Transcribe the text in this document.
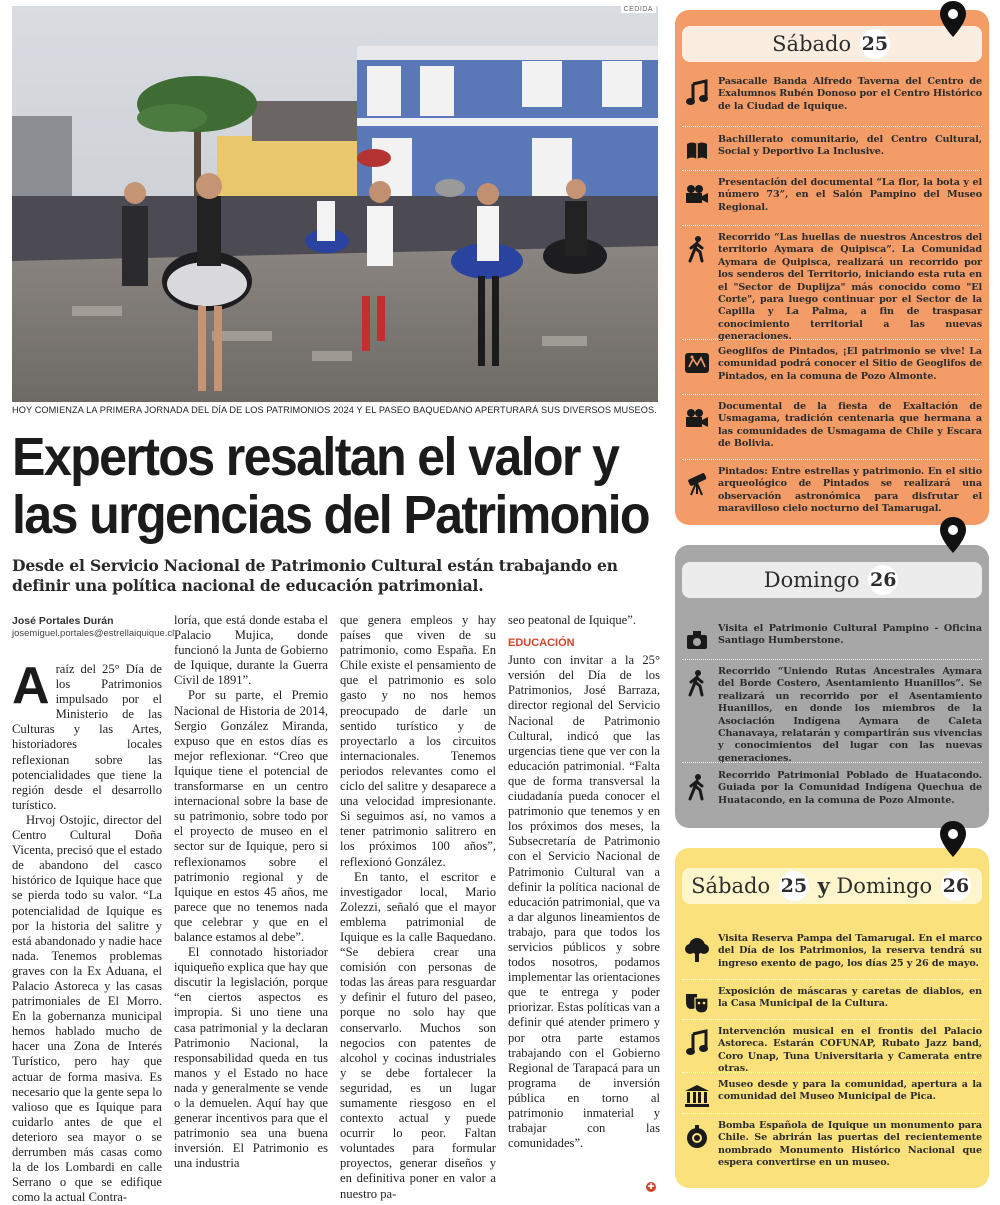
CEDIDA
HOY COMIENZA LA PRIMERA JORNADA DEL DÍA DE LOS PATRIMONIOS 2024 Y EL PASEO BAQUEDANO APERTURARÁ SUS DIVERSOS MUSEOS.
Expertos resaltan el valor y
las urgencias del Patrimonio
Desde el Servicio Nacional de Patrimonio Cultural están trabajando en definir una política nacional de educación patrimonial.
José Portales Durán
josemiguel.portales@estrellaiquique.cl

Araíz del 25° Día de los Patrimonios impulsado por el Ministerio de las Culturas y las Artes, historiadores locales reflexionan sobre las potencialidades que tiene la región desde el desarrollo turístico.

Hrvoj Ostojic, director del Centro Cultural Doña Vicenta, precisó que el estado de abandono del casco histórico de Iquique hace que se pierda todo su valor. “La potencialidad de Iquique es por la historia del salitre y está abandonado y nadie hace nada. Tenemos problemas graves con la Ex Aduana, el Palacio Astoreca y las casas patrimoniales de El Morro. En la gobernanza municipal hemos hablado mucho de hacer una Zona de Interés Turístico, pero hay que actuar de forma masiva. Es necesario que la gente sepa lo valioso que es Iquique para cuidarlo antes de que el deterioro sea mayor o se derrumben más casas como la de los Lombardi en calle Serrano o que se edifique como la actual Contra-

loría, que está donde estaba el Palacio Mujica, donde funcionó la Junta de Gobierno de Iquique, durante la Guerra Civil de 1891”.

Por su parte, el Premio Nacional de Historia de 2014, Sergio González Miranda, expuso que en estos días es mejor reflexionar. “Creo que Iquique tiene el potencial de transformarse en un centro internacional sobre la base de su patrimonio, sobre todo por el proyecto de museo en el sector sur de Iquique, pero si reflexionamos sobre el patrimonio regional y de Iquique en estos 45 años, me parece que no tenemos nada que celebrar y que en el balance estamos al debe”.

El connotado historiador iquiqueño explica que hay que discutir la legislación, porque “en ciertos aspectos es impropia. Si uno tiene una casa patrimonial y la declaran Patrimonio Nacional, la responsabilidad queda en tus manos y el Estado no hace nada y generalmente se vende o la demuelen. Aquí hay que generar incentivos para que el patrimonio sea una buena inversión. El Patrimonio es una industria

que genera empleos y hay países que viven de su patrimonio, como España. En Chile existe el pensamiento de que el patrimonio es solo gasto y no nos hemos preocupado de darle un sentido turístico y de proyectarlo a los circuitos internacionales. Tenemos periodos relevantes como el ciclo del salitre y desaparece a una velocidad impresionante. Si seguimos así, no vamos a tener patrimonio salitrero en los próximos 100 años”, reflexionó González.

En tanto, el escritor e investigador local, Mario Zolezzi, señaló que el mayor emblema patrimonial de Iquique es la calle Baquedano. “Se debiera crear una comisión con personas de todas las áreas para resguardar y definir el futuro del paseo, porque no solo hay que conservarlo. Muchos son negocios con patentes de alcohol y cocinas industriales y se debe fortalecer la seguridad, es un lugar sumamente riesgoso en el contexto actual y puede ocurrir lo peor. Faltan voluntades para formular proyectos, generar diseños y en definitiva poner en valor a nuestro pa-

seo peatonal de Iquique”.

EDUCACIÓN

Junto con invitar a la 25° versión del Día de los Patrimonios, José Barraza, director regional del Servicio Nacional de Patrimonio Cultural, indicó que las urgencias tiene que ver con la educación patrimonial. “Falta que de forma transversal la ciudadanía pueda conocer el patrimonio que tenemos y en los próximos dos meses, la Subsecretaría de Patrimonio con el Servicio Nacional de Patrimonio Cultural van a definir la política nacional de educación patrimonial, que va a dar algunos lineamientos de trabajo, para que todos los servicios públicos y sobre todos nosotros, podamos implementar las orientaciones que te entrega y poder priorizar. Estas políticas van a definir qué atender primero y por otra parte estamos trabajando con el Gobierno Regional de Tarapacá para un programa de inversión pública en torno al patrimonio inmaterial y trabajar con las comunidades”.

✚
Sábado 25
Pasacalle Banda Alfredo Taverna del Centro de Exalumnos Rubén Donoso por el Centro Histórico de la Ciudad de Iquique.
Bachillerato comunitario, del Centro Cultural, Social y Deportivo La Inclusive.
Presentación del documental “La flor, la bota y el número 73”, en el Salón Pampino del Museo Regional.
Recorrido “Las huellas de nuestros Ancestros del territorio Aymara de Quipisca”. La Comunidad Aymara de Quipisca, realizará un recorrido por los senderos del Territorio, iniciando esta ruta en el "Sector de Duplijza" más conocido como "El Corte", para luego continuar por el Sector de la Capilla y La Palma, a fin de traspasar conocimiento territorial a las nuevas generaciones.
Geoglifos de Pintados, ¡El patrimonio se vive! La comunidad podrá conocer el Sitio de Geoglifos de Pintados, en la comuna de Pozo Almonte.
Documental de la fiesta de Exaltación de Usmagama, tradición centenaria que hermana a las comunidades de Usmagama de Chile y Escara de Bolivia.
Pintados: Entre estrellas y patrimonio. En el sitio arqueológico de Pintados se realizará una observación astronómica para disfrutar el maravilloso cielo nocturno del Tamarugal.
Domingo 26
Visita el Patrimonio Cultural Pampino - Oficina Santiago Humberstone.
Recorrido “Uniendo Rutas Ancestrales Aymara del Borde Costero, Asentamiento Huanillos”. Se realizará un recorrido por el Asentamiento Huanillos, en donde los miembros de la Asociación Indígena Aymara de Caleta Chanavaya, relatarán y compartirán sus vivencias y conocimientos del lugar con las nuevas generaciones.
Recorrido Patrimonial Poblado de Huatacondo. Guiada por la Comunidad Indígena Quechua de Huatacondo, en la comuna de Pozo Almonte.
Sábado 25 y Domingo 26
Visita Reserva Pampa del Tamarugal. En el marco del Día de los Patrimonios, la reserva tendrá su ingreso exento de pago, los días 25 y 26 de mayo.
Exposición de máscaras y caretas de diablos, en la Casa Municipal de la Cultura.
Intervención musical en el frontis del Palacio Astoreca. Estarán COFUNAP, Rubato Jazz band, Coro Unap, Tuna Universitaria y Camerata entre otras.
Museo desde y para la comunidad, apertura a la comunidad del Museo Municipal de Pica.
Bomba Española de Iquique un monumento para Chile. Se abrirán las puertas del recientemente nombrado Monumento Histórico Nacional que espera convertirse en un museo.
